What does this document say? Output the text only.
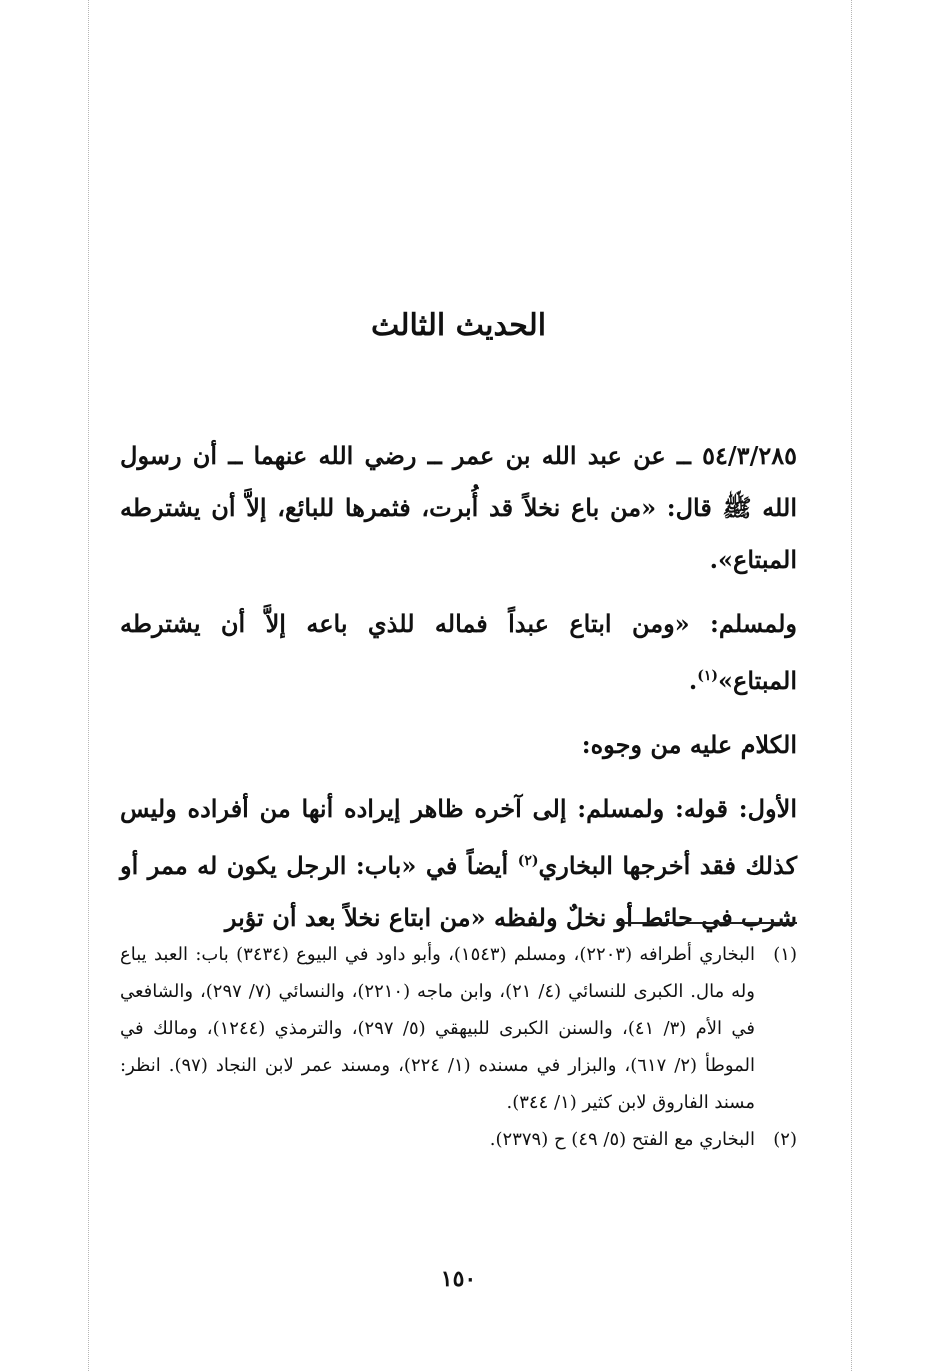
الحديث الثالث

٥٤/٣/٢٨٥ ــ عن عبد الله بن عمر ــ رضي الله عنهما ــ أن رسول الله ﷺ قال: «من باع نخلاً قد أُبرت، فثمرها للبائع، إلاَّ أن يشترطه المبتاع».

ولمسلم: «ومن ابتاع عبداً فماله للذي باعه إلاَّ أن يشترطه المبتاع»$^{(١)}$.

الكلام عليه من وجوه:

الأول: قوله: ولمسلم: إلى آخره ظاهر إيراده أنها من أفراده وليس كذلك فقد أخرجها البخاري$^{(٢)}$ أيضاً في «باب: الرجل يكون له ممر أو شرب في حائط أو نخلٌ ولفظه «من ابتاع نخلاً بعد أن تؤبر

(١)
البخاري أطرافه (٢٢٠٣)، ومسلم (١٥٤٣)، وأبو داود في البيوع (٣٤٣٤) باب: العبد يباع وله مال. الكبرى للنسائي (٤/ ٢١)، وابن ماجه (٢٢١٠)، والنسائي (٧/ ٢٩٧)، والشافعي في الأم (٣/ ٤١)، والسنن الكبرى للبيهقي (٥/ ٢٩٧)، والترمذي (١٢٤٤)، ومالك في الموطأ (٢/ ٦١٧)، والبزار في مسنده (١/ ٢٢٤)، ومسند عمر لابن النجاد (٩٧). انظر: مسند الفاروق لابن كثير (١/ ٣٤٤).
(٢)
البخاري مع الفتح (٥/ ٤٩) ح (٢٣٧٩).
١٥٠
